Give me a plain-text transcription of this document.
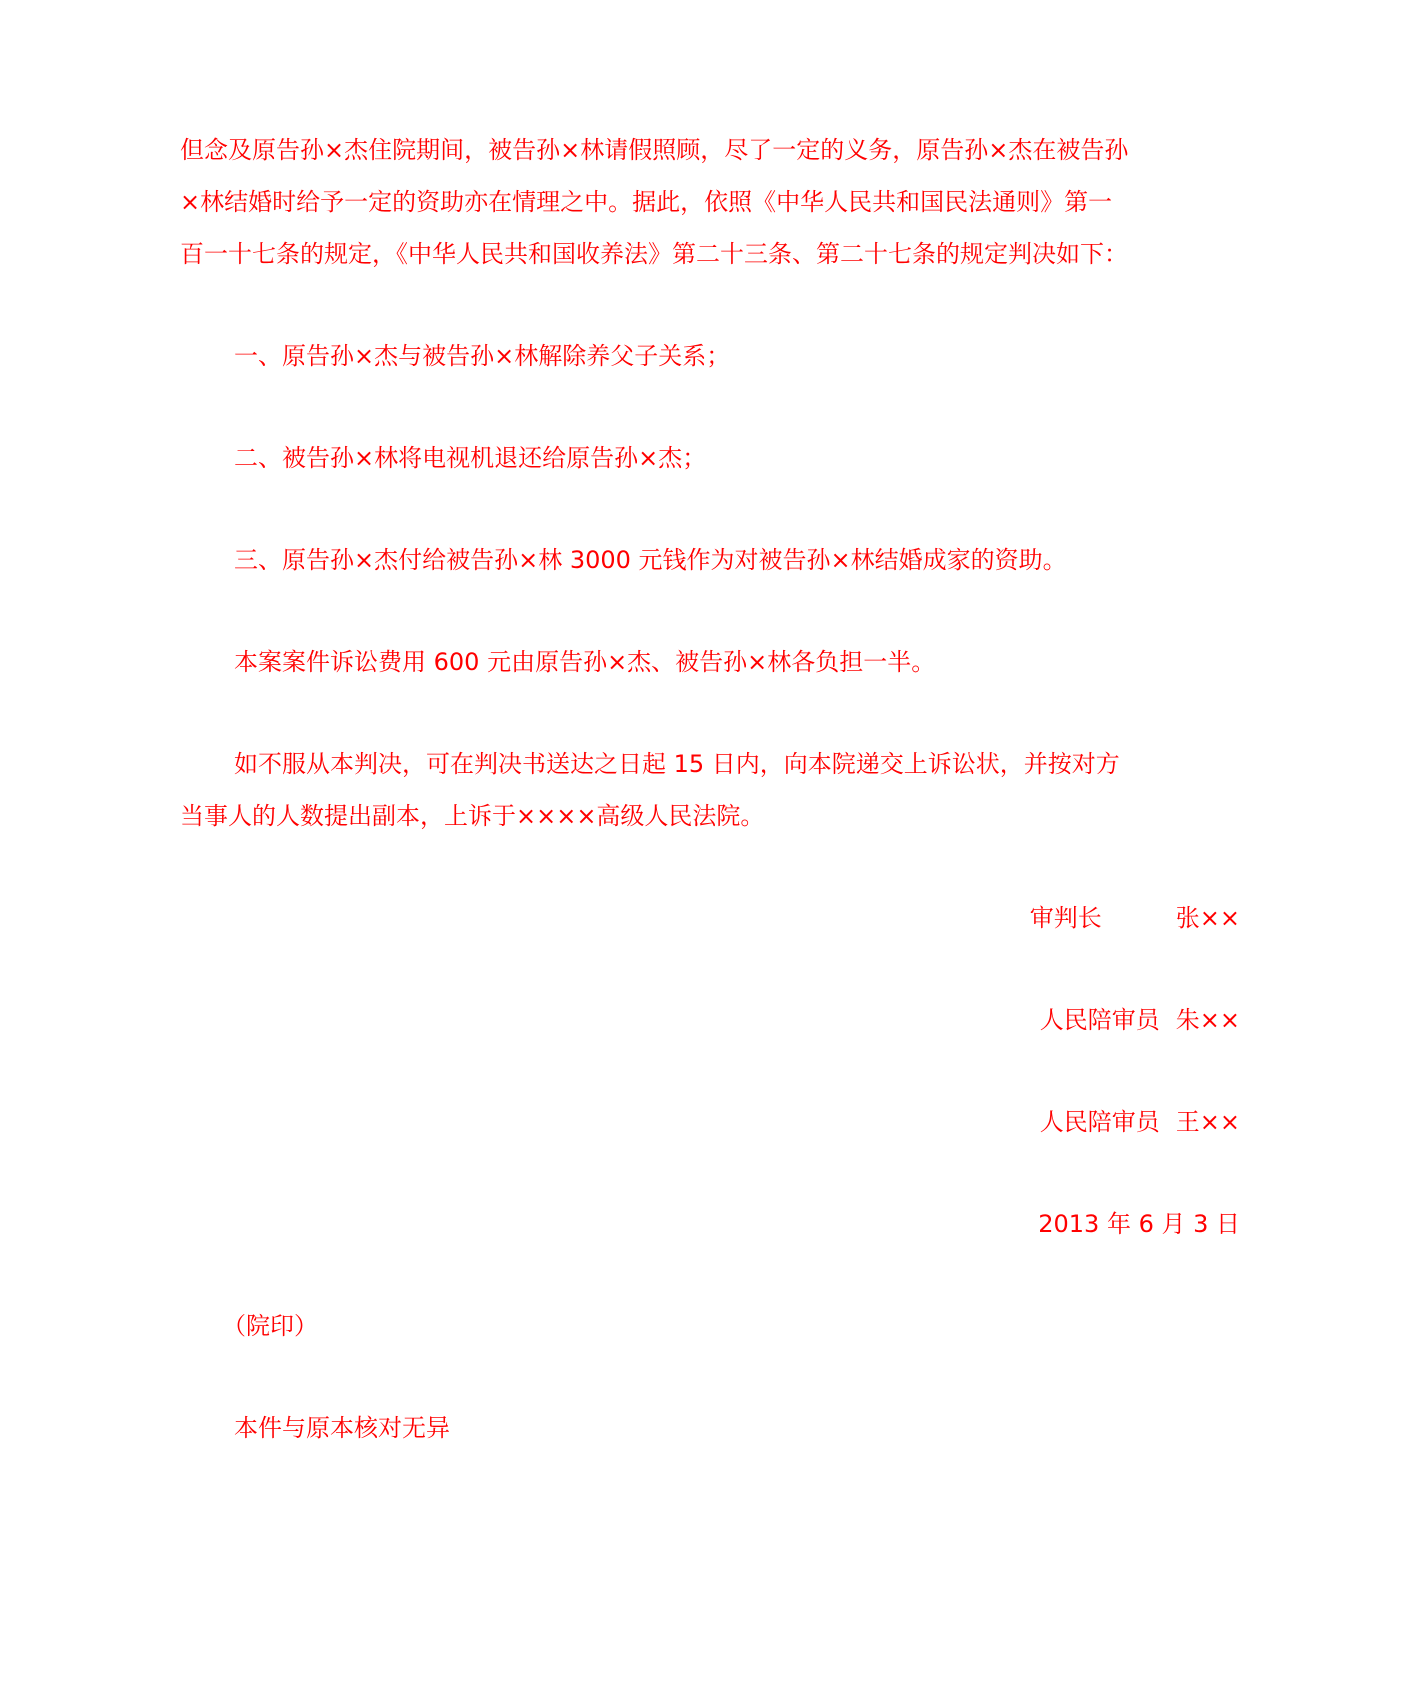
但念及原告孙×杰住院期间，被告孙×林请假照顾，尽了一定的义务，原告孙×杰在被告孙
×林结婚时给予一定的资助亦在情理之中。据此，依照《中华人民共和国民法通则》第一
百一十七条的规定，《中华人民共和国收养法》第二十三条、第二十七条的规定判决如下：
一、原告孙×杰与被告孙×林解除养父子关系；
二、被告孙×林将电视机退还给原告孙×杰；
三、原告孙×杰付给被告孙×林 3000 元钱作为对被告孙×林结婚成家的资助。
本案案件诉讼费用 600 元由原告孙×杰、被告孙×林各负担一半。
如不服从本判决，可在判决书送达之日起 15 日内，向本院递交上诉讼状，并按对方
当事人的人数提出副本，上诉于××××高级人民法院。
审判长	张××
人民陪审员 朱××
人民陪审员 王××
2013 年 6 月 3 日
（院印）
本件与原本核对无异
